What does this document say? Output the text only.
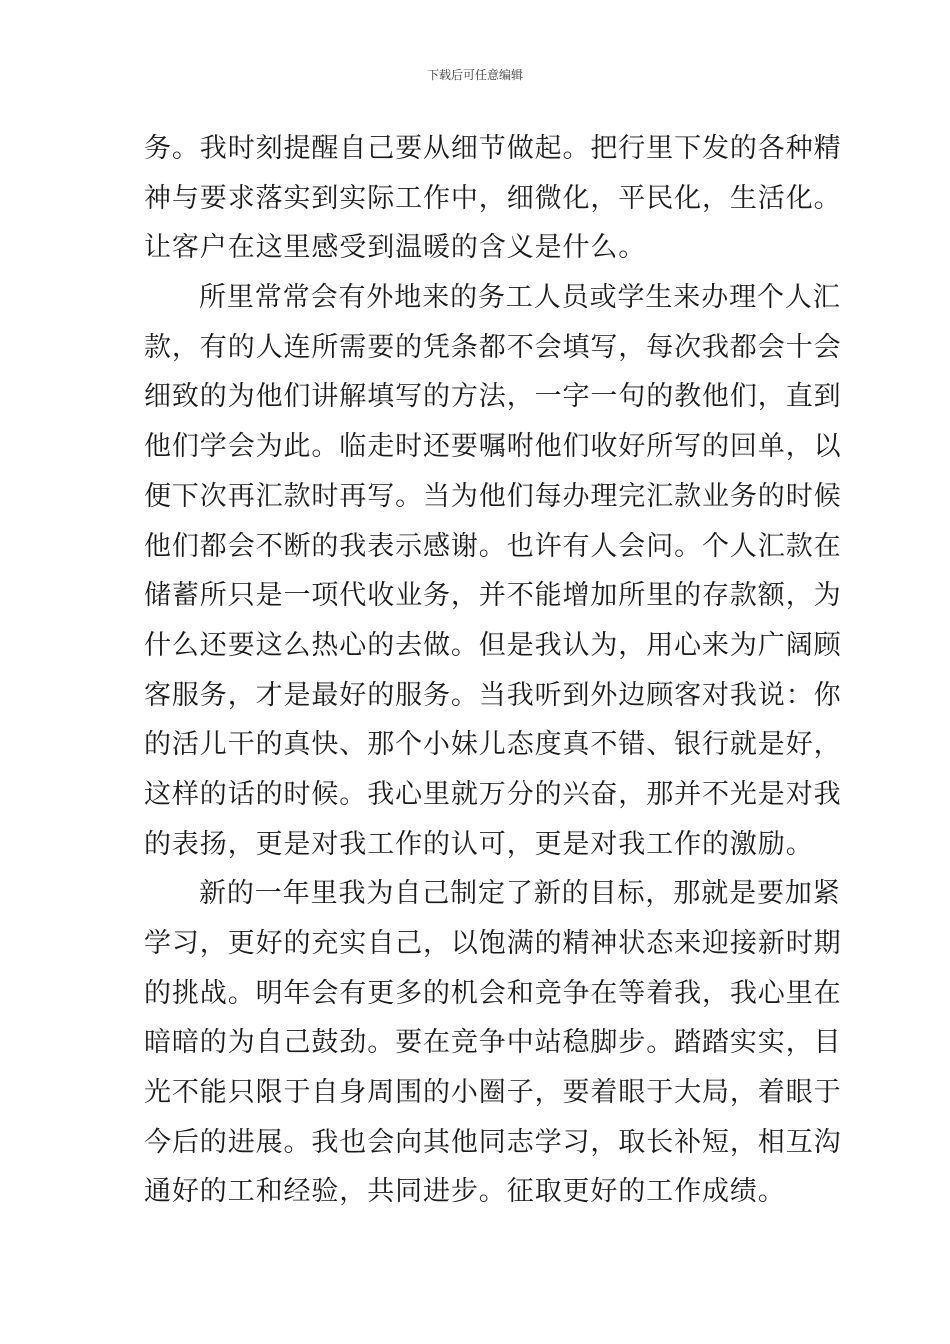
下载后可任意编辑
务。我时刻提醒自己要从细节做起。把行里下发的各种精
神与要求落实到实际工作中，细微化，平民化，生活化。
让客户在这里感受到温暖的含义是什么。
所里常常会有外地来的务工人员或学生来办理个人汇
款，有的人连所需要的凭条都不会填写，每次我都会十会
细致的为他们讲解填写的方法，一字一句的教他们，直到
他们学会为此。临走时还要嘱咐他们收好所写的回单，以
便下次再汇款时再写。当为他们每办理完汇款业务的时候
他们都会不断的我表示感谢。也许有人会问。个人汇款在
储蓄所只是一项代收业务，并不能增加所里的存款额，为
什么还要这么热心的去做。但是我认为，用心来为广阔顾
客服务，才是最好的服务。当我听到外边顾客对我说：你
的活儿干的真快、那个小妹儿态度真不错、银行就是好，
这样的话的时候。我心里就万分的兴奋，那并不光是对我
的表扬，更是对我工作的认可，更是对我工作的激励。
新的一年里我为自己制定了新的目标，那就是要加紧
学习，更好的充实自己，以饱满的精神状态来迎接新时期
的挑战。明年会有更多的机会和竞争在等着我，我心里在
暗暗的为自己鼓劲。要在竞争中站稳脚步。踏踏实实，目
光不能只限于自身周围的小圈子，要着眼于大局，着眼于
今后的进展。我也会向其他同志学习，取长补短，相互沟
通好的工和经验，共同进步。征取更好的工作成绩。
